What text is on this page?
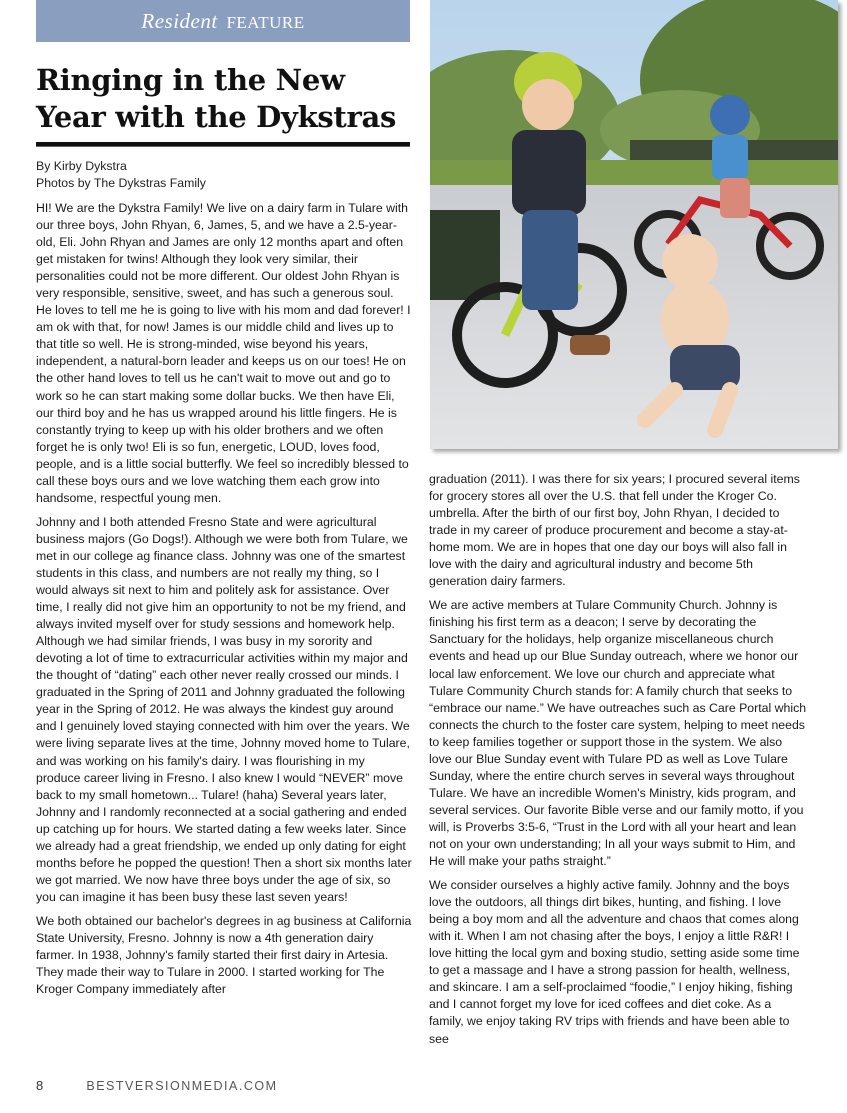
Resident FEATURE
Ringing in the New
Year with the Dykstras
By Kirby Dykstra
Photos by The Dykstras Family

HI! We are the Dykstra Family! We live on a dairy farm in Tulare with our three boys, John Rhyan, 6, James, 5, and we have a 2.5-year-old, Eli. John Rhyan and James are only 12 months apart and often get mistaken for twins! Although they look very similar, their personalities could not be more different. Our oldest John Rhyan is very responsible, sensitive, sweet, and has such a generous soul. He loves to tell me he is going to live with his mom and dad forever! I am ok with that, for now! James is our middle child and lives up to that title so well. He is strong-minded, wise beyond his years, independent, a natural-born leader and keeps us on our toes! He on the other hand loves to tell us he can't wait to move out and go to work so he can start making some dollar bucks. We then have Eli, our third boy and he has us wrapped around his little fingers. He is constantly trying to keep up with his older brothers and we often forget he is only two! Eli is so fun, energetic, LOUD, loves food, people, and is a little social butterfly. We feel so incredibly blessed to call these boys ours and we love watching them each grow into handsome, respectful young men.

Johnny and I both attended Fresno State and were agricultural business majors (Go Dogs!). Although we were both from Tulare, we met in our college ag finance class. Johnny was one of the smartest students in this class, and numbers are not really my thing, so I would always sit next to him and politely ask for assistance. Over time, I really did not give him an opportunity to not be my friend, and always invited myself over for study sessions and homework help. Although we had similar friends, I was busy in my sorority and devoting a lot of time to extracurricular activities within my major and the thought of “dating” each other never really crossed our minds. I graduated in the Spring of 2011 and Johnny graduated the following year in the Spring of 2012. He was always the kindest guy around and I genuinely loved staying connected with him over the years. We were living separate lives at the time, Johnny moved home to Tulare, and was working on his family's dairy. I was flourishing in my produce career living in Fresno. I also knew I would “NEVER” move back to my small hometown... Tulare! (haha) Several years later, Johnny and I randomly reconnected at a social gathering and ended up catching up for hours. We started dating a few weeks later. Since we already had a great friendship, we ended up only dating for eight months before he popped the question! Then a short six months later we got married. We now have three boys under the age of six, so you can imagine it has been busy these last seven years!

We both obtained our bachelor's degrees in ag business at California State University, Fresno. Johnny is now a 4th generation dairy farmer. In 1938, Johnny's family started their first dairy in Artesia. They made their way to Tulare in 2000. I started working for The Kroger Company immediately after

graduation (2011). I was there for six years; I procured several items for grocery stores all over the U.S. that fell under the Kroger Co. umbrella. After the birth of our first boy, John Rhyan, I decided to trade in my career of produce procurement and become a stay-at-home mom. We are in hopes that one day our boys will also fall in love with the dairy and agricultural industry and become 5th generation dairy farmers.

We are active members at Tulare Community Church. Johnny is finishing his first term as a deacon; I serve by decorating the Sanctuary for the holidays, help organize miscellaneous church events and head up our Blue Sunday outreach, where we honor our local law enforcement. We love our church and appreciate what Tulare Community Church stands for: A family church that seeks to “embrace our name.” We have outreaches such as Care Portal which connects the church to the foster care system, helping to meet needs to keep families together or support those in the system. We also love our Blue Sunday event with Tulare PD as well as Love Tulare Sunday, where the entire church serves in several ways throughout Tulare. We have an incredible Women's Ministry, kids program, and several services. Our favorite Bible verse and our family motto, if you will, is Proverbs 3:5-6, “Trust in the Lord with all your heart and lean not on your own understanding; In all your ways submit to Him, and He will make your paths straight.”

We consider ourselves a highly active family. Johnny and the boys love the outdoors, all things dirt bikes, hunting, and fishing. I love being a boy mom and all the adventure and chaos that comes along with it. When I am not chasing after the boys, I enjoy a little R&R! I love hitting the local gym and boxing studio, setting aside some time to get a massage and I have a strong passion for health, wellness, and skincare. I am a self-proclaimed “foodie,” I enjoy hiking, fishing and I cannot forget my love for iced coffees and diet coke. As a family, we enjoy taking RV trips with friends and have been able to see

8	BESTVERSIONMEDIA.COM
